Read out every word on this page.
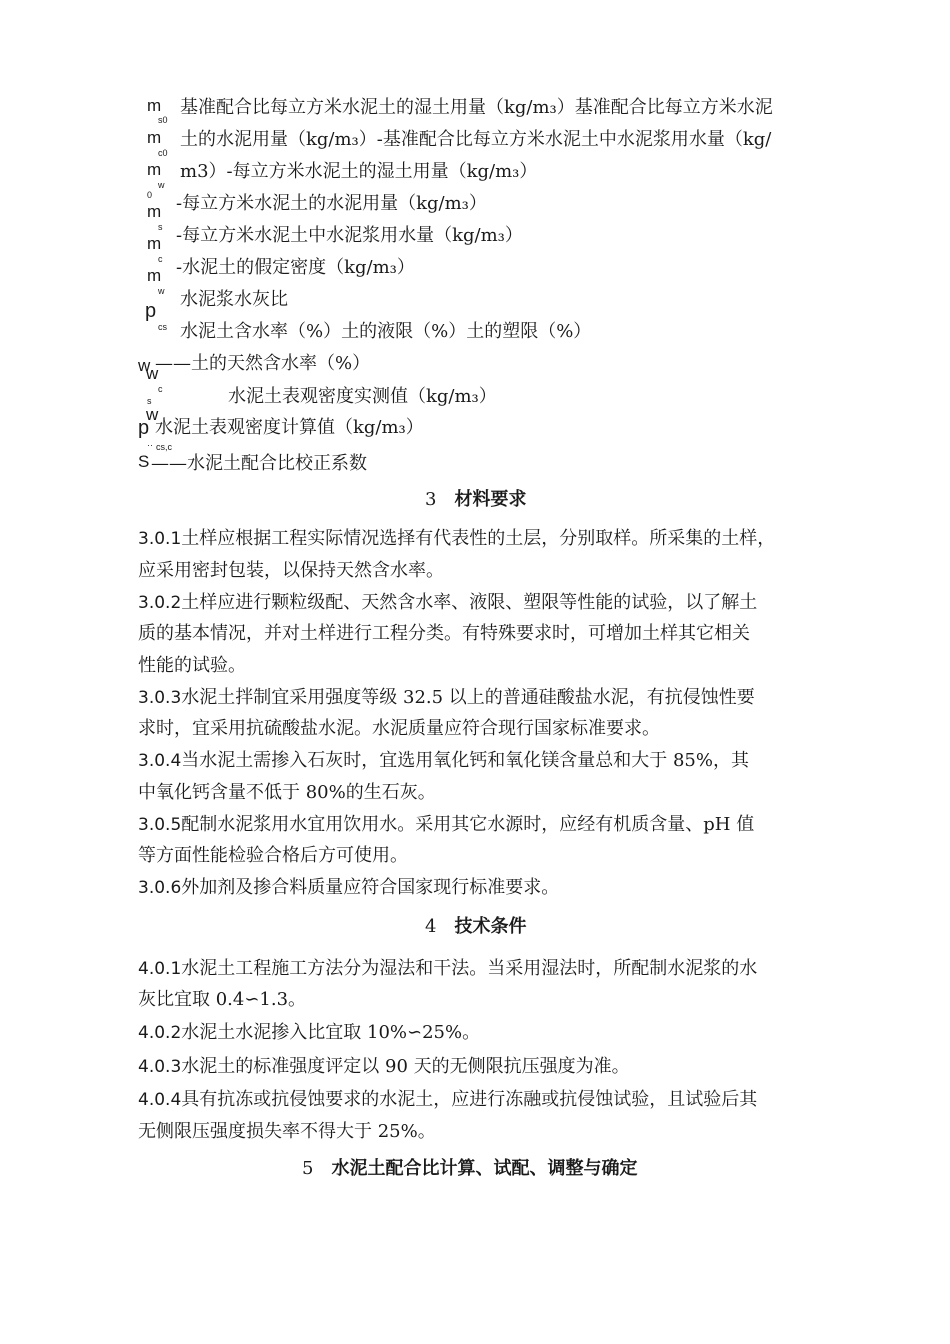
m
s0
基准配合比每立方米水泥土的湿土用量（kg/m₃）基准配合比每立方米水泥
m
c0
土的水泥用量（kg/m₃）-基准配合比每立方米水泥土中水泥浆用水量（kg/
m
w
m3）-每立方米水泥土的湿土用量（kg/m₃）
0
m -每立方米水泥土的水泥用量（kg/m₃）
s
m -每立方米水泥土中水泥浆用水量（kg/m₃）
c
m -水泥土的假定密度（kg/m₃）
w 水泥浆水灰比
p
cs 水泥土含水率（%）土的液限（%）土的塑限（%）
w
w
——土的天然含水率（%）
c
s	水泥土表观密度实测值（kg/m₃）
w
p 水泥土表观密度计算值（kg/m₃）
·· cs,c
S ——水泥土配合比校正系数
3 材料要求
3.0.1土样应根据工程实际情况选择有代表性的土层，分别取样。所采集的土样，
应采用密封包装，以保持天然含水率。
3.0.2土样应进行颗粒级配、天然含水率、液限、塑限等性能的试验，以了解土
质的基本情况，并对土样进行工程分类。有特殊要求时，可增加土样其它相关
性能的试验。
3.0.3水泥土拌制宜采用强度等级 32.5 以上的普通硅酸盐水泥，有抗侵蚀性要
求时，宜采用抗硫酸盐水泥。水泥质量应符合现行国家标准要求。
3.0.4当水泥土需掺入石灰时，宜选用氧化钙和氧化镁含量总和大于 85%，其
中氧化钙含量不低于 80%的生石灰。
3.0.5配制水泥浆用水宜用饮用水。采用其它水源时，应经有机质含量、pH 值
等方面性能检验合格后方可使用。
3.0.6外加剂及掺合料质量应符合国家现行标准要求。
4 技术条件
4.0.1水泥土工程施工方法分为湿法和干法。当采用湿法时，所配制水泥浆的水
灰比宜取 0.4∽1.3。
4.0.2水泥土水泥掺入比宜取 10%∽25%。
4.0.3水泥土的标准强度评定以 90 天的无侧限抗压强度为准。
4.0.4具有抗冻或抗侵蚀要求的水泥土，应进行冻融或抗侵蚀试验，且试验后其
无侧限压强度损失率不得大于 25%。
5 水泥土配合比计算、试配、调整与确定
